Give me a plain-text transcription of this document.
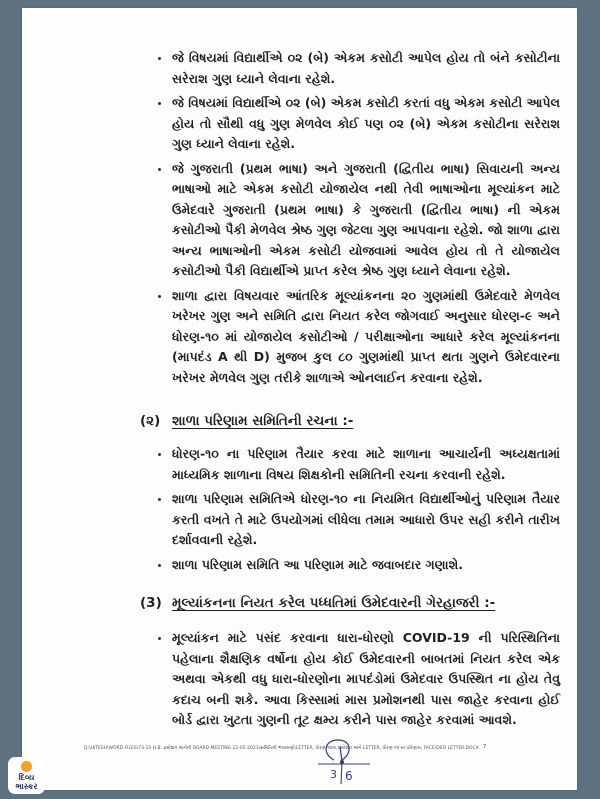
જે વિષયમાં વિદ્યાર્થીએ ૦૨ (બે) એકમ કસોટી આપેલ હોય તો બંને કસોટીના સરેરાશ ગુણ ધ્યાને લેવાના રહેશે.
જે વિષયમાં વિદ્યાર્થીએ ૦૨ (બે) એકમ કસોટી કરતાં વધુ એકમ કસોટી આપેલ હોય તો સૌથી વધુ ગુણ મેળવેલ કોઈ પણ ૦૨ (બે) એકમ કસોટીના સરેરાશ ગુણ ધ્યાને લેવાના રહેશે.
જે ગુજરાતી (પ્રથમ ભાષા) અને ગુજરાતી (દ્વિતીય ભાષા) સિવાયની અન્ય ભાષાઓ માટે એકમ કસોટી યોજાયેલ નથી તેવી ભાષાઓના મૂલ્યાંકન માટે ઉમેદવારે ગુજરાતી (પ્રથમ ભાષા) કે ગુજરાતી (દ્વિતીય ભાષા) ની એકમ કસોટીઓ પૈકી મેળવેલ શ્રેષ્ઠ ગુણ જેટલા ગુણ આપવાના રહેશે. જો શાળા દ્વારા અન્ય ભાષાઓની એકમ કસોટી યોજવામાં આવેલ હોય તો તે યોજાયેલ કસોટીઓ પૈકી વિદ્યાર્થીએ પ્રાપ્ત કરેલ શ્રેષ્ઠ ગુણ ધ્યાને લેવાના રહેશે.
શાળા દ્વારા વિષયવાર આંતરિક મૂલ્યાંકનના ૨૦ ગુણમાંથી ઉમેદવારે મેળવેલ ખરેખર ગુણ અને સમિતિ દ્વારા નિયત કરેલ જોગવાઈ અનુસાર ધોરણ-૯ અને ધોરણ-૧૦ માં યોજાયેલ કસોટીઓ / પરીક્ષાઓના આધારે કરેલ મૂલ્યાંકનના (માપદંડ A થી D) મુજબ કુલ ૮૦ ગુણમાંથી પ્રાપ્ત થતા ગુણને ઉમેદવારના ખરેખર મેળવેલ ગુણ તરીકે શાળાએ ઓનલાઈન કરવાના રહેશે.
(૨) શાળા પરિણામ સમિતિની રચના :-
ધોરણ-૧૦ ના પરિણામ તૈયાર કરવા માટે શાળાના આચાર્યની અધ્યક્ષતામાં માધ્યમિક શાળાના વિષય શિક્ષકોની સમિતિની રચના કરવાની રહેશે.
શાળા પરિણામ સમિતિએ ધોરણ-૧૦ ના નિયમિત વિદ્યાર્થીઓનું પરિણામ તૈયાર કરતી વખતે તે માટે ઉપયોગમાં લીધેલા તમામ આધારો ઉપર સહી કરીને તારીખ દર્શાવવાની રહેશે.
શાળા પરિણામ સમિતિ આ પરિણામ માટે જવાબદાર ગણાશે.
(3) મૂલ્યાંકનના નિયત કરેલ પધ્ધતિમાં ઉમેદવારની ગેરહાજરી :-
મૂલ્યાંકન માટે પસંદ કરવાના ધારા-ધોરણો COVID-19 ની પરિસ્થિતિના પહેલાના શૈક્ષણિક વર્ષોના હોય કોઈ ઉમેદવારની બાબતમાં નિયત કરેલ એક અથવા એકથી વધુ ધારા-ધોરણોના માપદંડોમાં ઉમેદવાર ઉપસ્થિત ના હોય તેવુ કદાચ બની શકે. આવા કિસ્સામાં માસ પ્રમોશનથી પાસ જાહેર કરવાના હોઈ બોર્ડ દ્વારા ખુટતા ગુણની તૂટ ક્ષમ્ય કરીને પાસ જાહેર કરવામાં આવશે.
D:\HITESH\WORD FILES\73-10 H.B. પ્રમોશન અંગેની BOARD MEETING 22-05-2021\સમિતિની ભલામણો\LETTER, ધોરણ-૧૦ના પ્રમોશન અંગે LETTER, ધોરણ-૧૦ મા પરિણામ, FACE\DEO LETTER.DOCX 7
3 6
દિવ્ય
ભાસ્કર
